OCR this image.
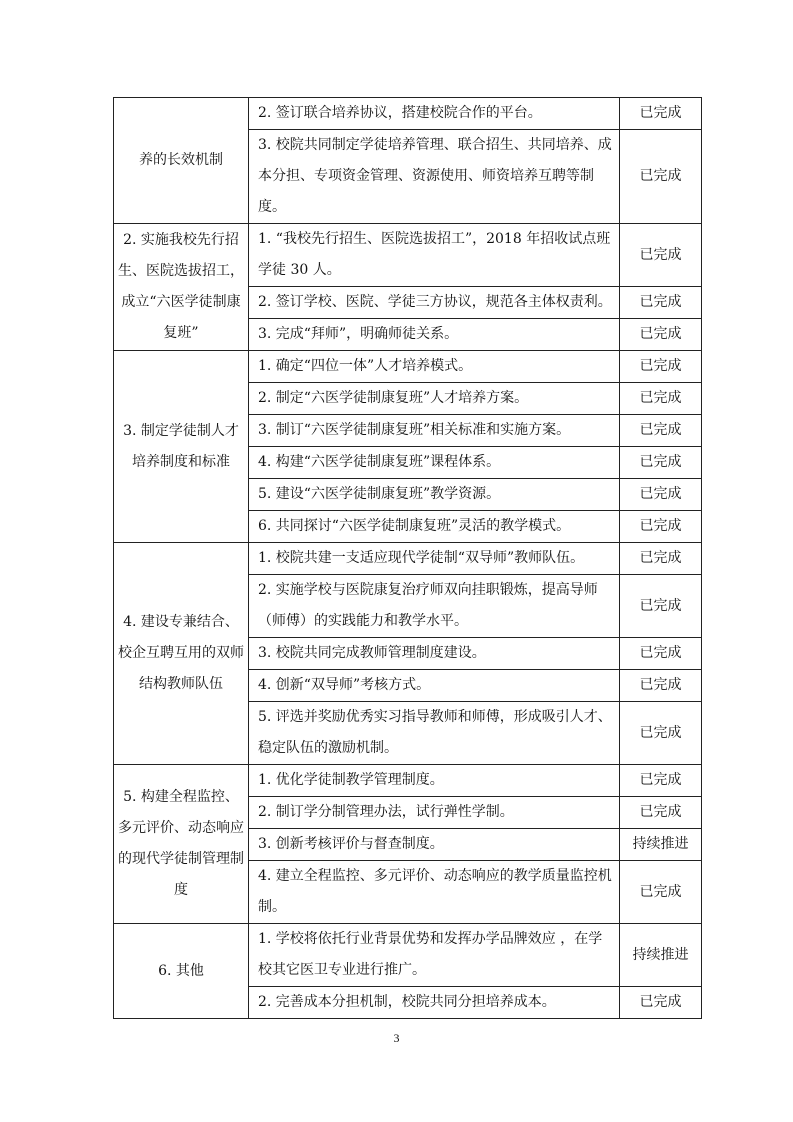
养的长效机制	2. 签订联合培养协议，搭建校院合作的平台。	已完成
	3. 校院共同制定学徒培养管理、联合招生、共同培养、成本分担、专项资金管理、资源使用、师资培养互聘等制度。	已完成
2. 实施我校先行招生、医院选拔招工，成立“六医学徒制康复班”	1. “我校先行招生、医院选拔招工”，2018 年招收试点班学徒 30 人。	已完成
	2. 签订学校、医院、学徒三方协议，规范各主体权责利。	已完成
	3. 完成“拜师”，明确师徒关系。	已完成
3. 制定学徒制人才培养制度和标准	1. 确定“四位一体”人才培养模式。	已完成
	2. 制定“六医学徒制康复班”人才培养方案。	已完成
	3. 制订“六医学徒制康复班”相关标准和实施方案。	已完成
	4. 构建“六医学徒制康复班”课程体系。	已完成
	5. 建设“六医学徒制康复班”教学资源。	已完成
	6. 共同探讨“六医学徒制康复班”灵活的教学模式。	已完成
4. 建设专兼结合、校企互聘互用的双师结构教师队伍	1. 校院共建一支适应现代学徒制“双导师”教师队伍。	已完成
	2. 实施学校与医院康复治疗师双向挂职锻炼，提高导师（师傅）的实践能力和教学水平。	已完成
	3. 校院共同完成教师管理制度建设。	已完成
	4. 创新“双导师”考核方式。	已完成
	5. 评选并奖励优秀实习指导教师和师傅，形成吸引人才、稳定队伍的激励机制。	已完成
5. 构建全程监控、多元评价、动态响应的现代学徒制管理制度	1. 优化学徒制教学管理制度。	已完成
	2. 制订学分制管理办法，试行弹性学制。	已完成
	3. 创新考核评价与督查制度。	持续推进
	4. 建立全程监控、多元评价、动态响应的教学质量监控机制。	已完成
6. 其他	1. 学校将依托行业背景优势和发挥办学品牌效应 ，在学校其它医卫专业进行推广。	持续推进
	2. 完善成本分担机制，校院共同分担培养成本。	已完成
3
